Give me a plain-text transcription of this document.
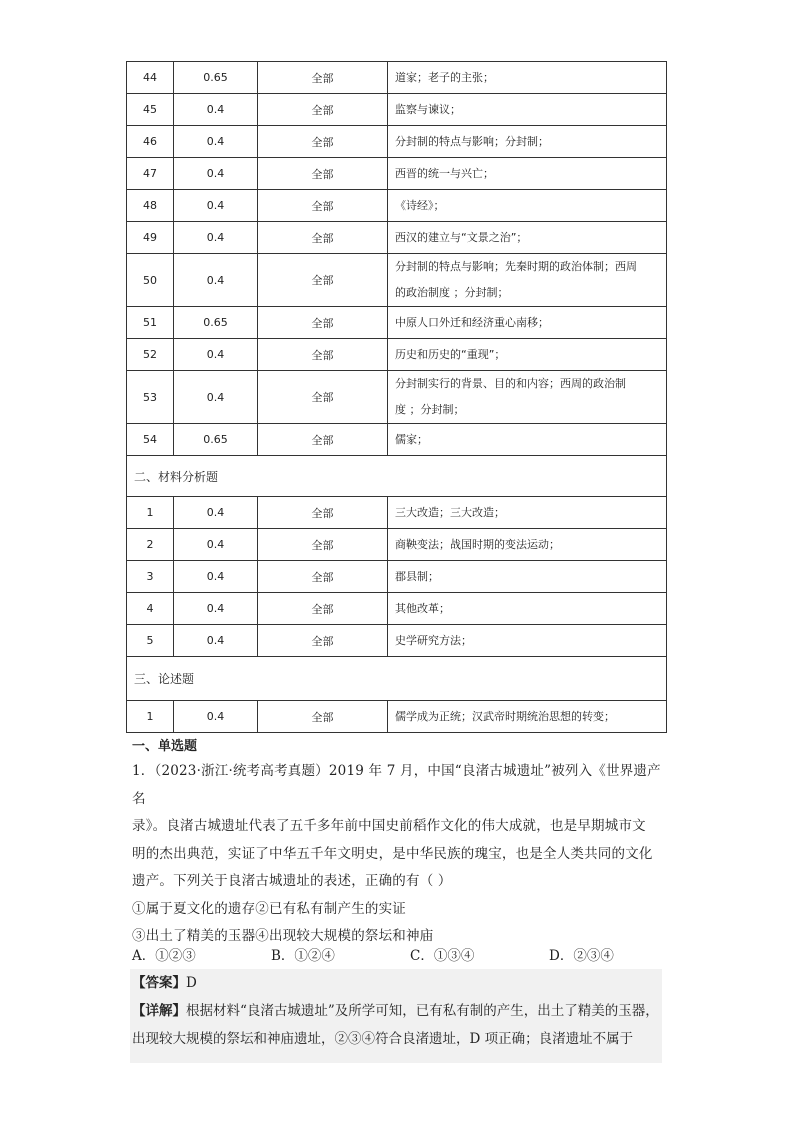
44	0.65	全部	道家；老子的主张；
45	0.4	全部	监察与谏议；
46	0.4	全部	分封制的特点与影响；分封制；
47	0.4	全部	西晋的统一与兴亡；
48	0.4	全部	《诗经》；
49	0.4	全部	西汉的建立与“文景之治”；
50	0.4	全部	分封制的特点与影响；先秦时期的政治体制；西周
的政治制度 ；分封制；

51	0.65	全部	中原人口外迁和经济重心南移；
52	0.4	全部	历史和历史的“重现”；
53	0.4	全部	分封制实行的背景、目的和内容；西周的政治制
度 ；分封制；

54	0.65	全部	儒家；
二、材料分析题			
1	0.4	全部	三大改造；三大改造；
2	0.4	全部	商鞅变法；战国时期的变法运动；
3	0.4	全部	郡县制；
4	0.4	全部	其他改革；
5	0.4	全部	史学研究方法；
三、论述题			
1	0.4	全部	儒学成为正统；汉武帝时期统治思想的转变；
一、单选题

1．（2023·浙江·统考高考真题）2019 年 7 月，中国“良渚古城遗址”被列入《世界遗产名

录》。良渚古城遗址代表了五千多年前中国史前稻作文化的伟大成就，也是早期城市文

明的杰出典范，实证了中华五千年文明史，是中华民族的瑰宝，也是全人类共同的文化

遗产。下列关于良渚古城遗址的表述，正确的有（ ）

①属于夏文化的遗存②已有私有制产生的实证

③出土了精美的玉器④出现较大规模的祭坛和神庙

A．①②③	B．①②④	C．①③④	D．②③④

【答案】D

【详解】根据材料“良渚古城遗址”及所学可知，已有私有制的产生，出土了精美的玉器，

出现较大规模的祭坛和神庙遗址，②③④符合良渚遗址，D 项正确；良渚遗址不属于
